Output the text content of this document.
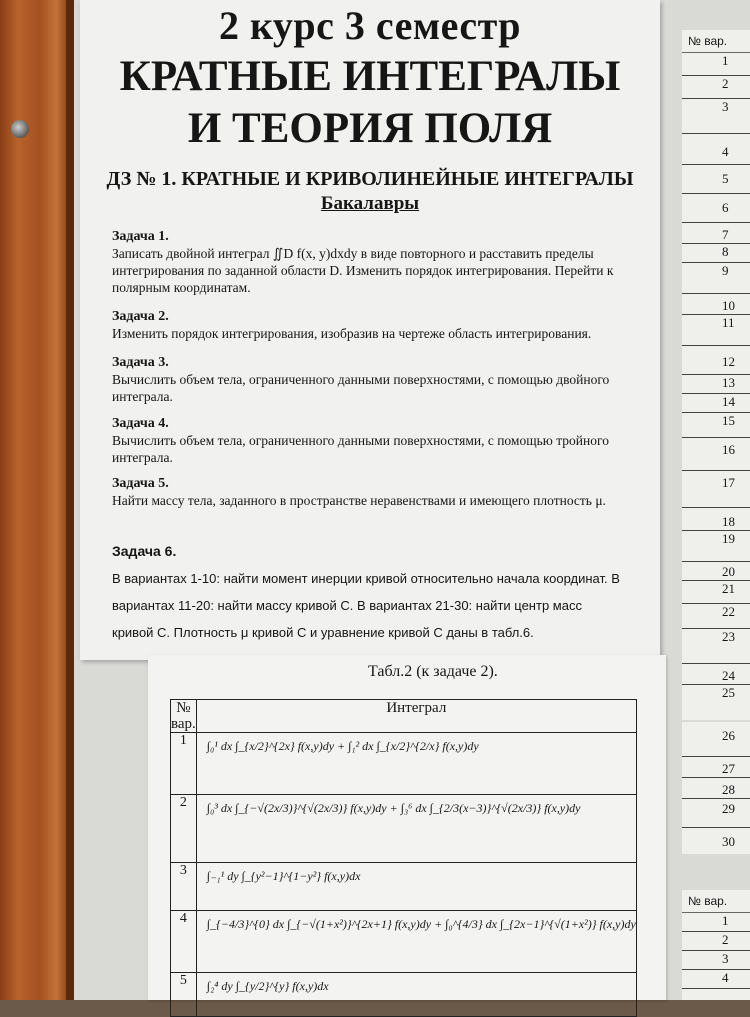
2 курс 3 семестр
КРАТНЫЕ ИНТЕГРАЛЫ
И ТЕОРИЯ ПОЛЯ
ДЗ № 1. КРАТНЫЕ И КРИВОЛИНЕЙНЫЕ ИНТЕГРАЛЫ
Бакалавры
Задача 1.
Записать двойной интеграл ∬D f(x, y)dxdy в виде повторного и расставить пределы интегрирования по заданной области D. Изменить порядок интегрирования. Перейти к полярным координатам.
Задача 2.
Изменить порядок интегрирования, изобразив на чертеже область интегрирования.
Задача 3.
Вычислить объем тела, ограниченного данными поверхностями, с помощью двойного интеграла.
Задача 4.
Вычислить объем тела, ограниченного данными поверхностями, с помощью тройного интеграла.
Задача 5.
Найти массу тела, заданного в пространстве неравенствами и имеющего плотность μ.
Задача 6.
В вариантах 1-10: найти момент инерции кривой относительно начала координат. В вариантах 11-20: найти массу кривой С. В вариантах 21-30: найти центр масс кривой С. Плотность μ кривой С и уравнение кривой С даны в табл.6.
№ вар.
1
2
3
4
5
6
7
8
9
10
11
12
13
14
15
16
17
18
19
20
21
22
23
24
25
26
27
28
29
30
№ вар.
1
2
3
4
Табл.2 (к задаче 2).
№ вар.	Интеграл
1	∫₀¹ dx ∫_{x/2}^{2x} f(x,y)dy + ∫₁² dx ∫_{x/2}^{2/x} f(x,y)dy

2	∫₀³ dx ∫_{−√(2x/3)}^{√(2x/3)} f(x,y)dy + ∫₃⁶ dx ∫_{2/3(x−3)}^{√(2x/3)} f(x,y)dy

3	∫₋₁¹ dy ∫_{y²−1}^{1−y²} f(x,y)dx

4	∫_{−4/3}^{0} dx ∫_{−√(1+x²)}^{2x+1} f(x,y)dy + ∫₀^{4/3} dx ∫_{2x−1}^{√(1+x²)} f(x,y)dy

5	∫₂⁴ dy ∫_{y/2}^{y} f(x,y)dx
